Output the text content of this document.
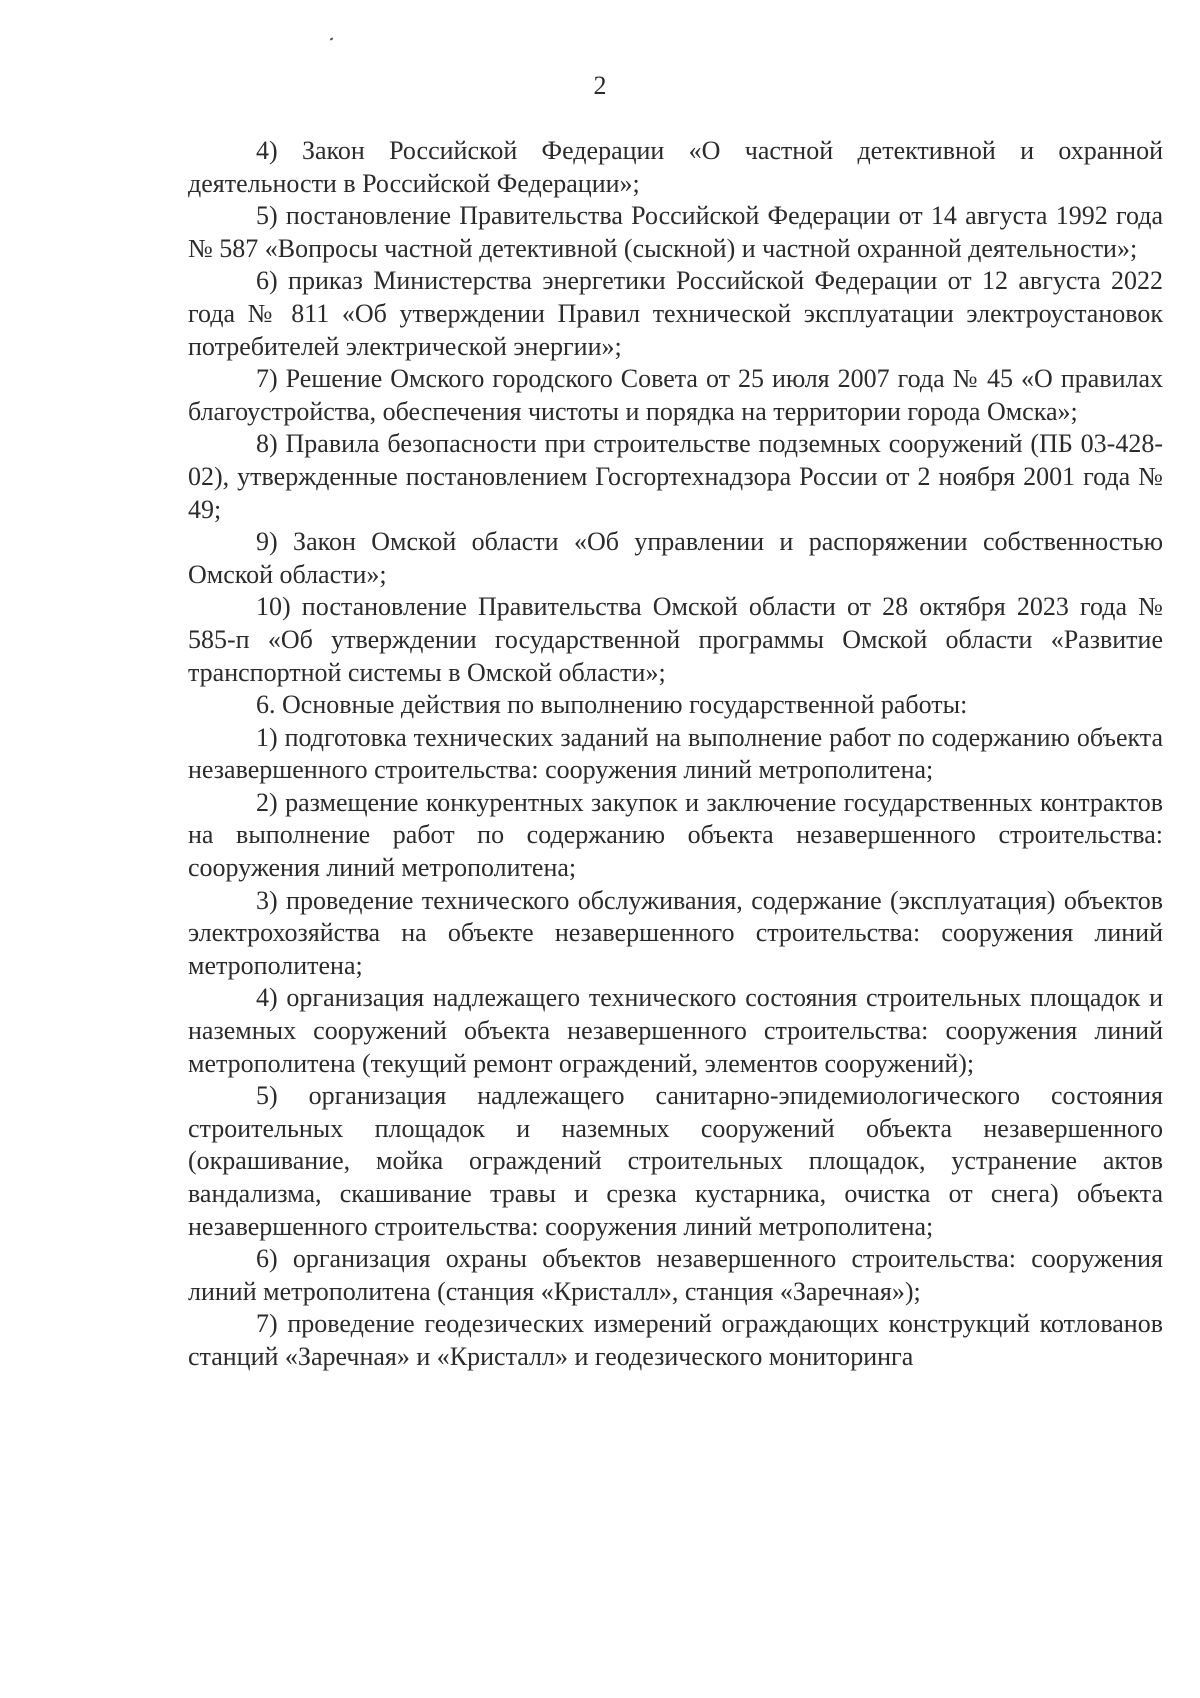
2

4) Закон Российской Федерации «О частной детективной и охранной деятельности в Российской Федерации»;

5) постановление Правительства Российской Федерации от 14 августа 1992 года № 587 «Вопросы частной детективной (сыскной) и частной охранной деятельности»;

6) приказ Министерства энергетики Российской Федерации от 12 августа 2022 года № 811 «Об утверждении Правил технической эксплуатации электроустановок потребителей электрической энергии»;

7) Решение Омского городского Совета от 25 июля 2007 года № 45 «О правилах благоустройства, обеспечения чистоты и порядка на территории города Омска»;

8) Правила безопасности при строительстве подземных сооружений (ПБ 03-428-02), утвержденные постановлением Госгортехнадзора России от 2 ноября 2001 года № 49;

9) Закон Омской области «Об управлении и распоряжении собственностью Омской области»;

10) постановление Правительства Омской области от 28 октября 2023 года № 585-п «Об утверждении государственной программы Омской области «Развитие транспортной системы в Омской области»;

6. Основные действия по выполнению государственной работы:

1) подготовка технических заданий на выполнение работ по содержанию объекта незавершенного строительства: сооружения линий метрополитена;

2) размещение конкурентных закупок и заключение государственных контрактов на выполнение работ по содержанию объекта незавершенного строительства: сооружения линий метрополитена;

3) проведение технического обслуживания, содержание (эксплуатация) объектов электрохозяйства на объекте незавершенного строительства: сооружения линий метрополитена;

4) организация надлежащего технического состояния строительных площадок и наземных сооружений объекта незавершенного строительства: сооружения линий метрополитена (текущий ремонт ограждений, элементов сооружений);

5) организация надлежащего санитарно-эпидемиологического состояния строительных площадок и наземных сооружений объекта незавершенного (окрашивание, мойка ограждений строительных площадок, устранение актов вандализма, скашивание травы и срезка кустарника, очистка от снега) объекта незавершенного строительства: сооружения линий метрополитена;

6) организация охраны объектов незавершенного строительства: сооружения линий метрополитена (станция «Кристалл», станция «Заречная»);

7) проведение геодезических измерений ограждающих конструкций котлованов станций «Заречная» и «Кристалл» и геодезического мониторинга
